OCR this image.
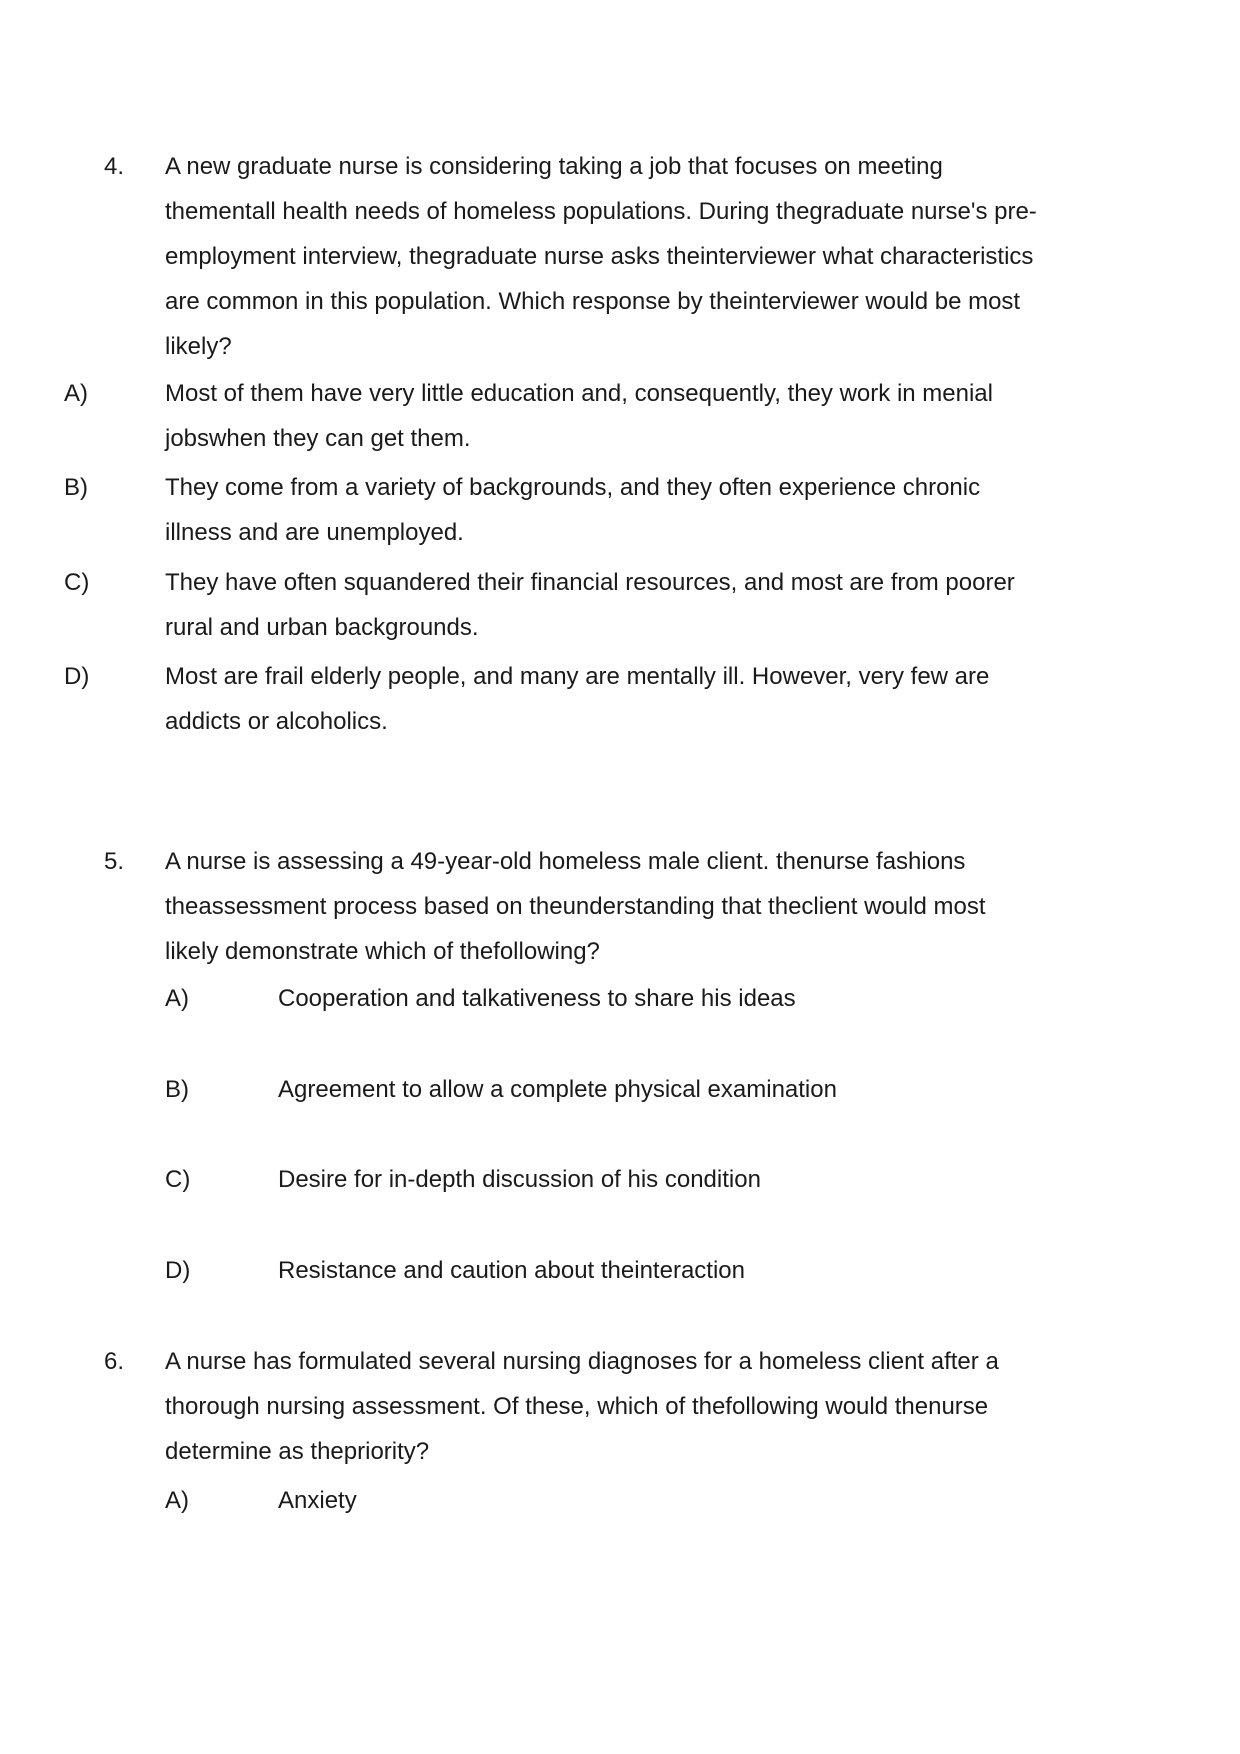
4. A new graduate nurse is considering taking a job that focuses on meeting
thementall health needs of homeless populations. During thegraduate nurse's pre-
employment interview, thegraduate nurse asks theinterviewer what characteristics
are common in this population. Which response by theinterviewer would be most
likely?
A)	Most of them have very little education and, consequently, they work in menial
jobswhen they can get them.
B)	They come from a variety of backgrounds, and they often experience chronic
illness and are unemployed.
C)	They have often squandered their financial resources, and most are from poorer
rural and urban backgrounds.
D)	Most are frail elderly people, and many are mentally ill. However, very few are
addicts or alcoholics.
5. A nurse is assessing a 49-year-old homeless male client. thenurse fashions
theassessment process based on theunderstanding that theclient would most
likely demonstrate which of thefollowing?
A)	Cooperation and talkativeness to share his ideas
B)	Agreement to allow a complete physical examination
C)	Desire for in-depth discussion of his condition
D)	Resistance and caution about theinteraction
6. A nurse has formulated several nursing diagnoses for a homeless client after a
thorough nursing assessment. Of these, which of thefollowing would thenurse
determine as thepriority?
A)	Anxiety
